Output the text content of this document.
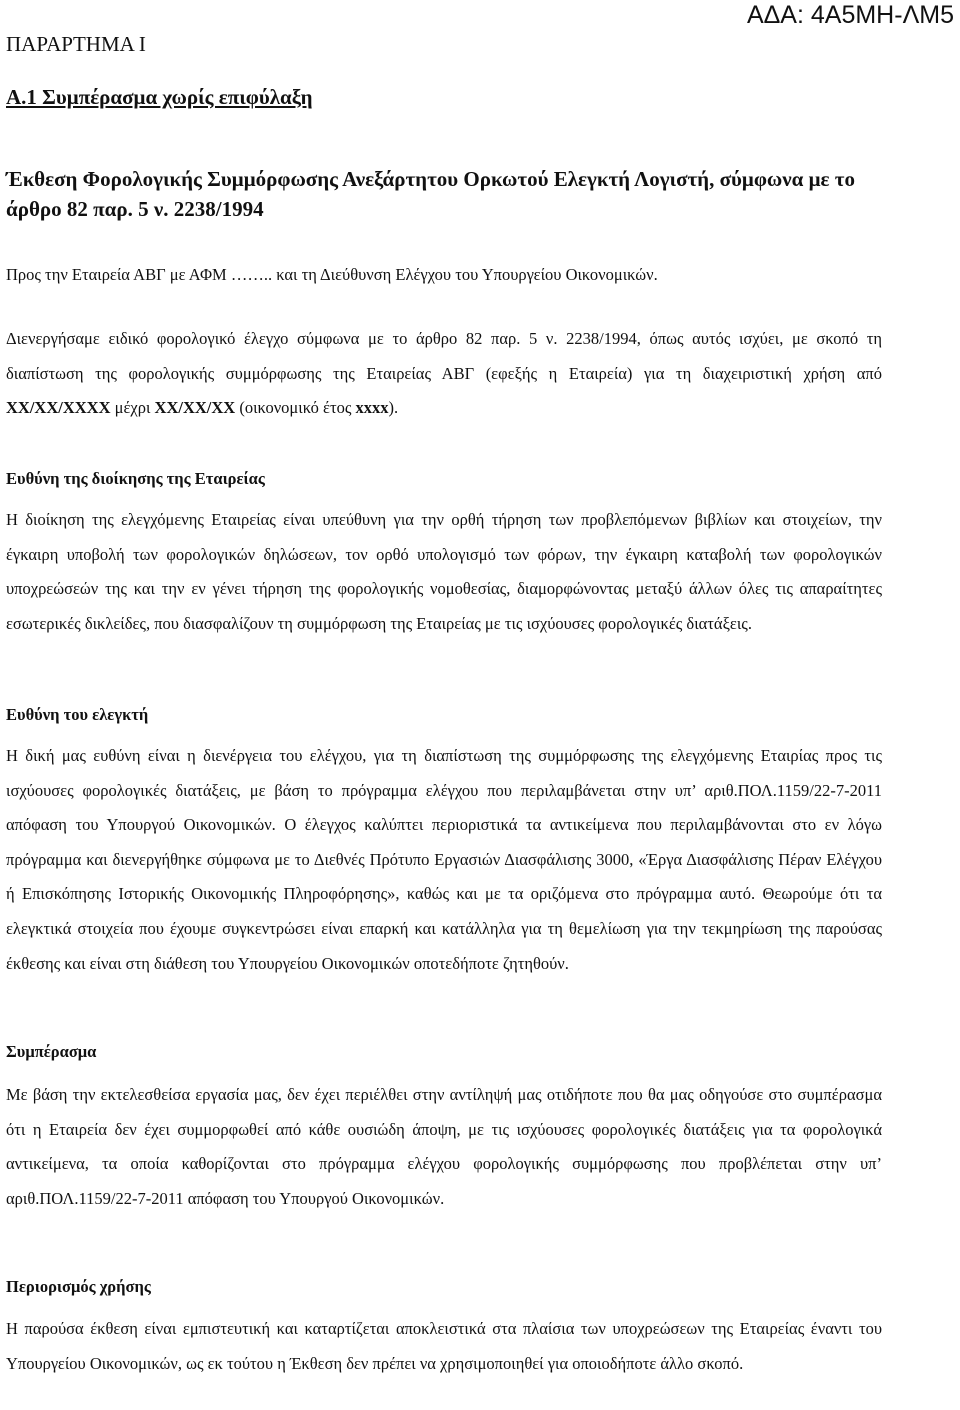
ΑΔΑ: 4Α5ΜΗ-ΛΜ5
ΠΑΡΑΡΤΗΜΑ Ι
Α.1 Συμπέρασμα χωρίς επιφύλαξη
Έκθεση Φορολογικής Συμμόρφωσης Ανεξάρτητου Ορκωτού Ελεγκτή Λογιστή, σύμφωνα με το άρθρο 82 παρ. 5 ν. 2238/1994
Προς την Εταιρεία ΑΒΓ με ΑΦΜ …….. και τη Διεύθυνση Ελέγχου του Υπουργείου Οικονομικών.
Διενεργήσαμε ειδικό φορολογικό έλεγχο σύμφωνα με το άρθρο 82 παρ. 5 ν. 2238/1994, όπως αυτός ισχύει, με σκοπό τη διαπίστωση της φορολογικής συμμόρφωσης της Εταιρείας ΑΒΓ (εφεξής η Εταιρεία) για τη διαχειριστική χρήση από XX/XX/XXXX μέχρι XX/XX/XX (οικονομικό έτος xxxx).
Ευθύνη της διοίκησης της Εταιρείας
Η διοίκηση της ελεγχόμενης Εταιρείας είναι υπεύθυνη για την ορθή τήρηση των προβλεπόμενων βιβλίων και στοιχείων, την έγκαιρη υποβολή των φορολογικών δηλώσεων, τον ορθό υπολογισμό των φόρων, την έγκαιρη καταβολή των φορολογικών υποχρεώσεών της και την εν γένει τήρηση της φορολογικής νομοθεσίας, διαμορφώνοντας μεταξύ άλλων όλες τις απαραίτητες εσωτερικές δικλείδες, που διασφαλίζουν τη συμμόρφωση της Εταιρείας με τις ισχύουσες φορολογικές διατάξεις.
Ευθύνη του ελεγκτή
Η δική μας ευθύνη είναι η διενέργεια του ελέγχου, για τη διαπίστωση της συμμόρφωσης της ελεγχόμενης Εταιρίας προς τις ισχύουσες φορολογικές διατάξεις, με βάση το πρόγραμμα ελέγχου που περιλαμβάνεται στην υπ’ αριθ.ΠΟΛ.1159/22-7-2011 απόφαση του Υπουργού Οικονομικών. Ο έλεγχος καλύπτει περιοριστικά τα αντικείμενα που περιλαμβάνονται στο εν λόγω πρόγραμμα και διενεργήθηκε σύμφωνα με το Διεθνές Πρότυπο Εργασιών Διασφάλισης 3000, «Έργα Διασφάλισης Πέραν Ελέγχου ή Επισκόπησης Ιστορικής Οικονομικής Πληροφόρησης», καθώς και με τα οριζόμενα στο πρόγραμμα αυτό. Θεωρούμε ότι τα ελεγκτικά στοιχεία που έχουμε συγκεντρώσει είναι επαρκή και κατάλληλα για τη θεμελίωση για την τεκμηρίωση της παρούσας έκθεσης και είναι στη διάθεση του Υπουργείου Οικονομικών οποτεδήποτε ζητηθούν.
Συμπέρασμα
Με βάση την εκτελεσθείσα εργασία μας, δεν έχει περιέλθει στην αντίληψή μας οτιδήποτε που θα μας οδηγούσε στο συμπέρασμα ότι η Εταιρεία δεν έχει συμμορφωθεί από κάθε ουσιώδη άποψη, με τις ισχύουσες φορολογικές διατάξεις για τα φορολογικά αντικείμενα, τα οποία καθορίζονται στο πρόγραμμα ελέγχου φορολογικής συμμόρφωσης που προβλέπεται στην υπ’ αριθ.ΠΟΛ.1159/22-7-2011 απόφαση του Υπουργού Οικονομικών.
Περιορισμός χρήσης
Η παρούσα έκθεση είναι εμπιστευτική και καταρτίζεται αποκλειστικά στα πλαίσια των υποχρεώσεων της Εταιρείας έναντι του Υπουργείου Οικονομικών, ως εκ τούτου η Έκθεση δεν πρέπει να χρησιμοποιηθεί για οποιοδήποτε άλλο σκοπό.
